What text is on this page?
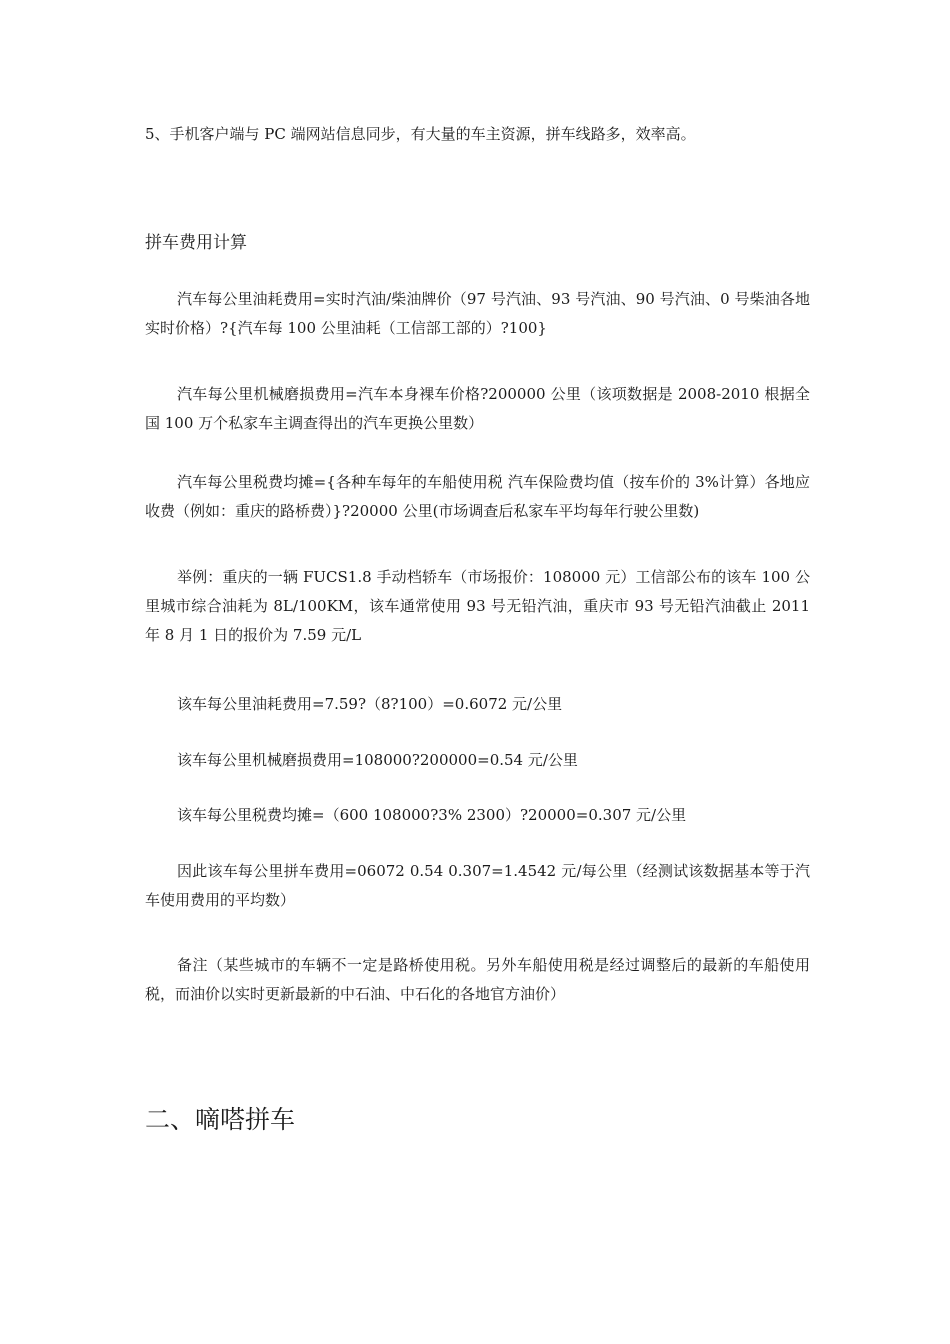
5、手机客户端与 PC 端网站信息同步，有大量的车主资源，拼车线路多，效率高。

拼车费用计算

汽车每公里油耗费用=实时汽油/柴油牌价（97 号汽油、93 号汽油、90 号汽油、0 号柴油各地实时价格）?{汽车每 100 公里油耗（工信部工部的）?100}

汽车每公里机械磨损费用=汽车本身裸车价格?200000 公里（该项数据是 2008-2010 根据全国 100 万个私家车主调查得出的汽车更换公里数）

汽车每公里税费均摊={各种车每年的车船使用税 汽车保险费均值（按车价的 3%计算）各地应收费（例如：重庆的路桥费）}?20000 公里(市场调查后私家车平均每年行驶公里数)

举例：重庆的一辆 FUCS1.8 手动档轿车（市场报价：108000 元）工信部公布的该车 100 公里城市综合油耗为 8L/100KM，该车通常使用 93 号无铅汽油，重庆市 93 号无铅汽油截止 2011 年 8 月 1 日的报价为 7.59 元/L

该车每公里油耗费用=7.59?（8?100）=0.6072 元/公里

该车每公里机械磨损费用=108000?200000=0.54 元/公里

该车每公里税费均摊=（600 108000?3% 2300）?20000=0.307 元/公里

因此该车每公里拼车费用=06072 0.54 0.307=1.4542 元/每公里（经测试该数据基本等于汽车使用费用的平均数）

备注（某些城市的车辆不一定是路桥使用税。另外车船使用税是经过调整后的最新的车船使用税，而油价以实时更新最新的中石油、中石化的各地官方油价）

二、嘀嗒拼车
